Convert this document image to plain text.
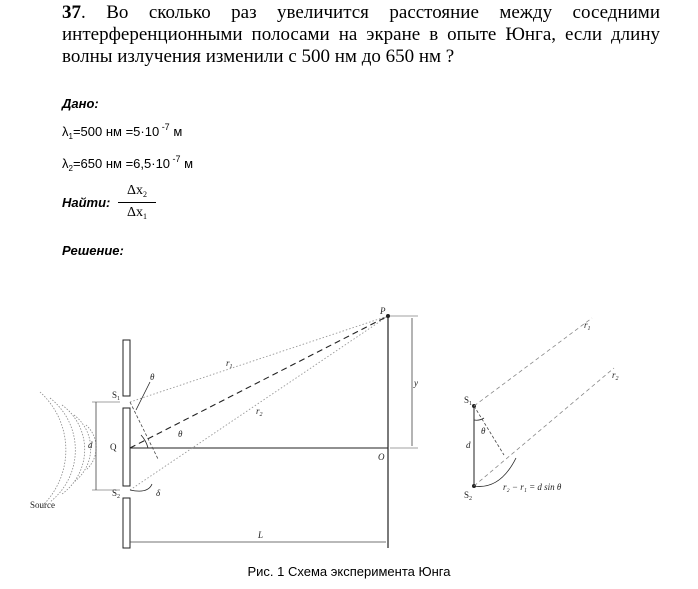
37. Во сколько раз увеличится расстояние между соседними интерференционными полосами на экране в опыте Юнга, если длину волны излучения изменили с 500 нм до 650 нм ?
Дано:
$\lambda_1=500$ нм =5·10 $^{-7}$ м
$\lambda_2=650$ нм =6,5·10 $^{-7}$ м
Найти:
$\Delta x_2$
$\Delta x_1$
Решение:
Source
d
$S_1$
$S_2$
Q
O
$r_1$
$r_2$
θ
θ
δ
P
y
L
$S_1$
$S_2$
d
θ
$r_1$
$r_2$
r₂ − r₁ = d sin θ
Рис. 1 Схема эксперимента Юнга
